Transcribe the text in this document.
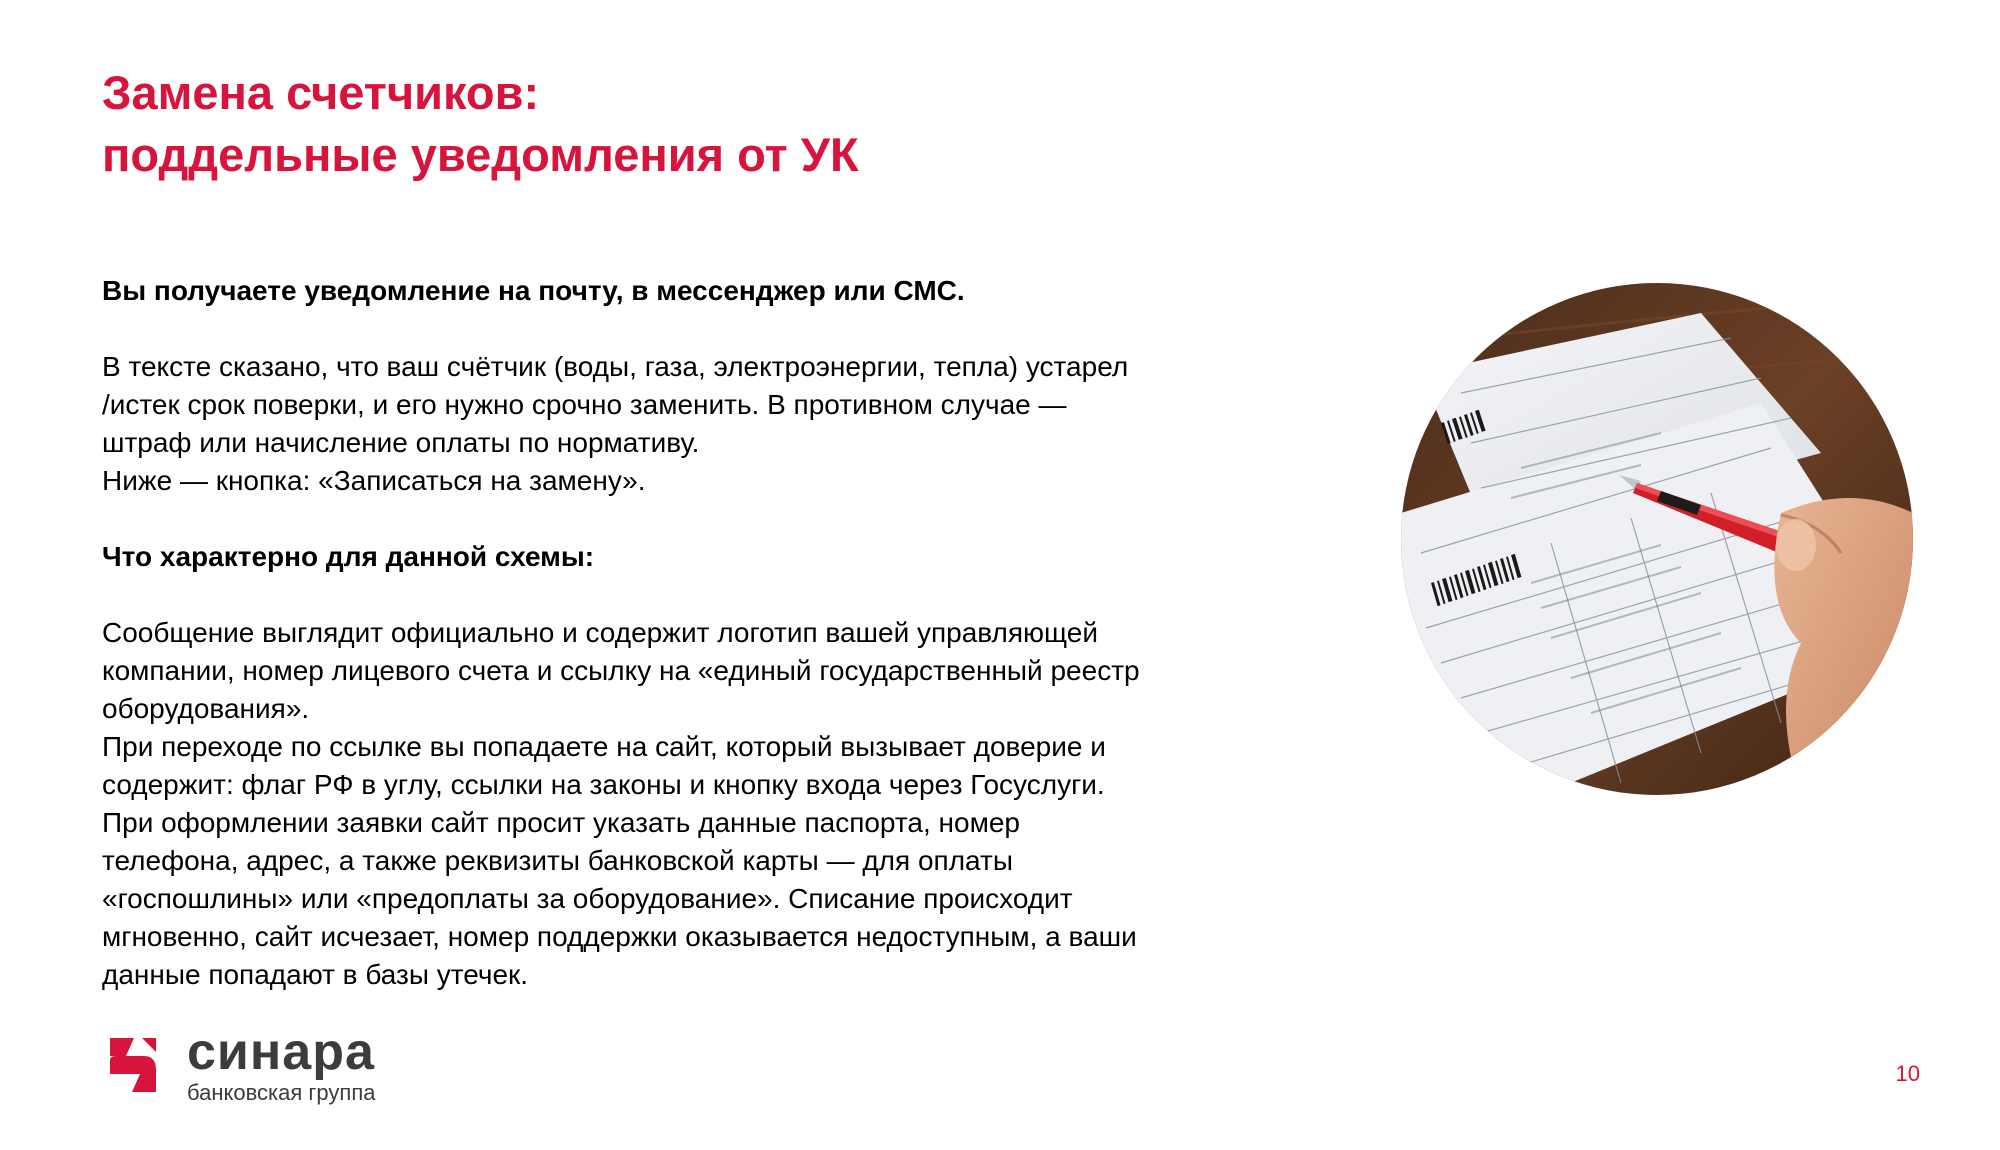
Замена счетчиков:
поддельные уведомления от УК

Вы получаете уведомление на почту, в мессенджер или СМС.

В тексте сказано, что ваш счётчик (воды, газа, электроэнергии, тепла) устарел

/истек срок поверки, и его нужно срочно заменить. В противном случае —

штраф или начисление оплаты по нормативу.

Ниже — кнопка: «Записаться на замену».

Что характерно для данной схемы:

Сообщение выглядит официально и содержит логотип вашей управляющей

компании, номер лицевого счета и ссылку на «единый государственный реестр

оборудования».

При переходе по ссылке вы попадаете на сайт, который вызывает доверие и

содержит: флаг РФ в углу, ссылки на законы и кнопку входа через Госуслуги.

При оформлении заявки сайт просит указать данные паспорта, номер

телефона, адрес, а также реквизиты банковской карты — для оплаты

«госпошлины» или «предоплаты за оборудование». Списание происходит

мгновенно, сайт исчезает, номер поддержки оказывается недоступным, а ваши

данные попадают в базы утечек.

синара
банковская группа
10
